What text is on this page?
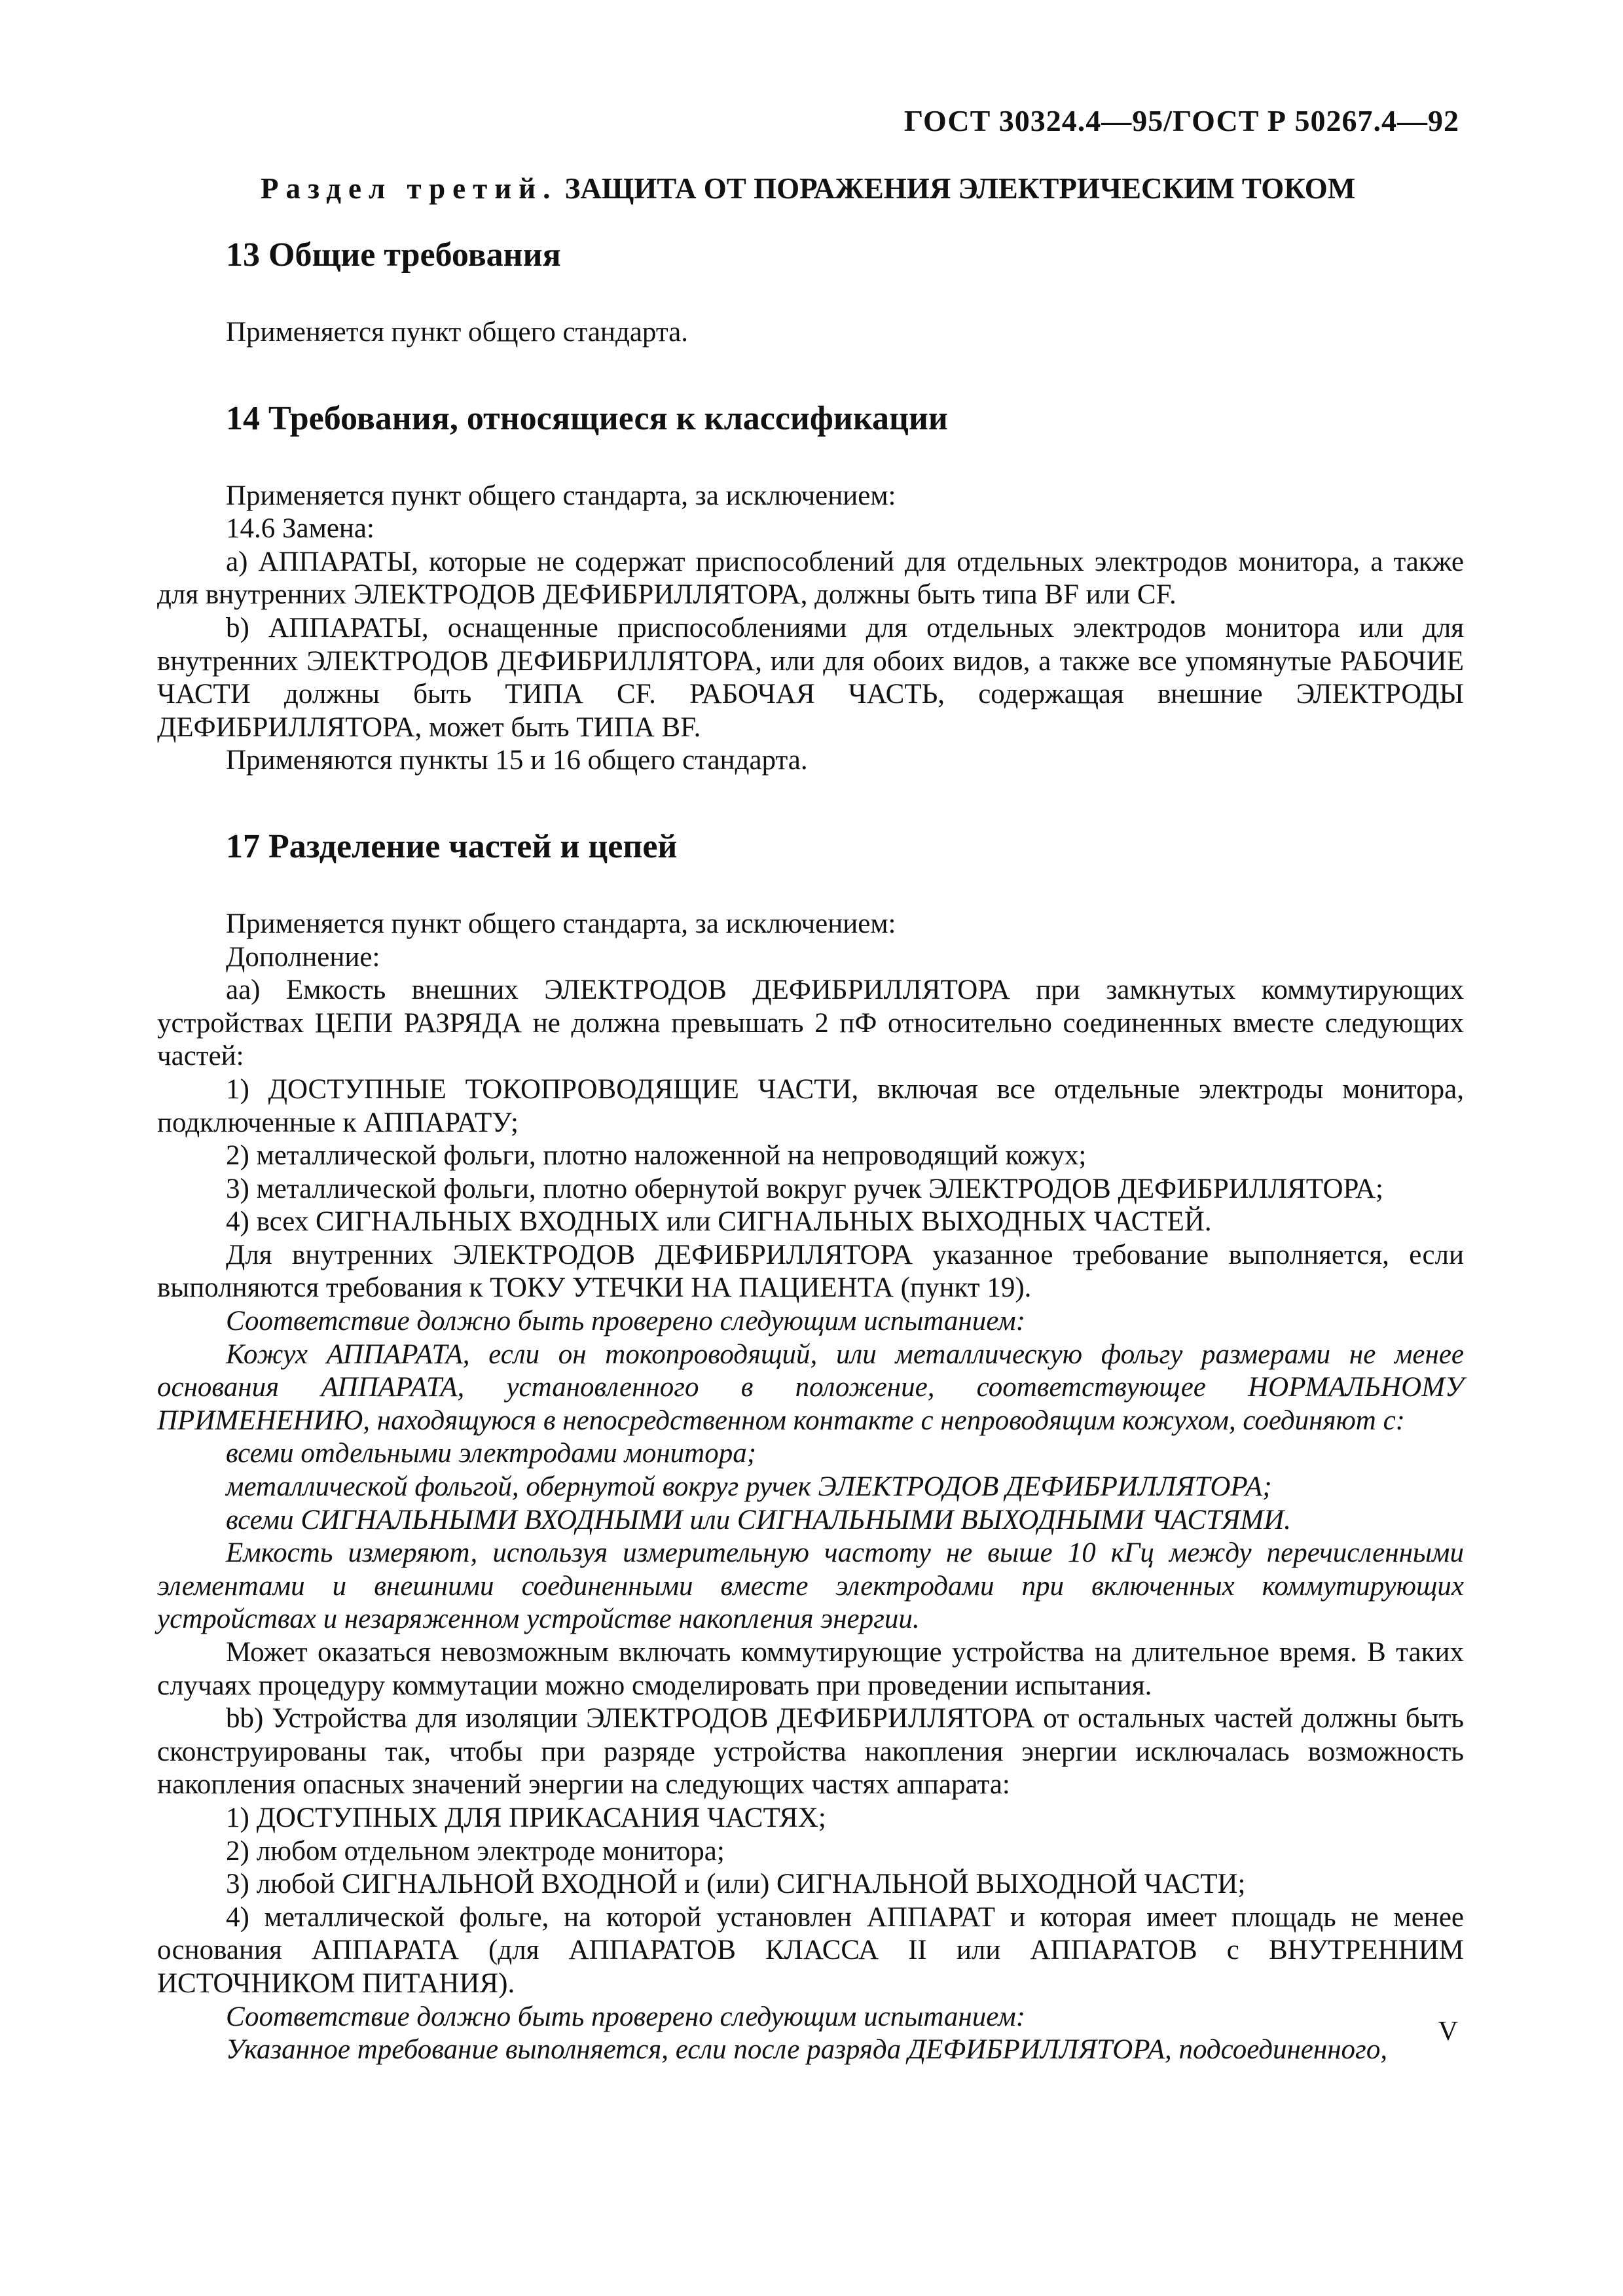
ГОСТ 30324.4—95/ГОСТ Р 50267.4—92
Раздел третий. ЗАЩИТА ОТ ПОРАЖЕНИЯ ЭЛЕКТРИЧЕСКИМ ТОКОМ
13 Общие требования

Применяется пункт общего стандарта.

14 Требования, относящиеся к классификации

Применяется пункт общего стандарта, за исключением:

14.6 Замена:

a) АППАРАТЫ, которые не содержат приспособлений для отдельных электродов монитора, а также для внутренних ЭЛЕКТРОДОВ ДЕФИБРИЛЛЯТОРА, должны быть типа BF или CF.

b) АППАРАТЫ, оснащенные приспособлениями для отдельных электродов монитора или для внутренних ЭЛЕКТРОДОВ ДЕФИБРИЛЛЯТОРА, или для обоих видов, а также все упомянутые РАБОЧИЕ ЧАСТИ должны быть ТИПА CF. РАБОЧАЯ ЧАСТЬ, содержащая внешние ЭЛЕКТРОДЫ ДЕФИБРИЛЛЯТОРА, может быть ТИПА BF.

Применяются пункты 15 и 16 общего стандарта.

17 Разделение частей и цепей

Применяется пункт общего стандарта, за исключением:

Дополнение:

aa) Емкость внешних ЭЛЕКТРОДОВ ДЕФИБРИЛЛЯТОРА при замкнутых коммутирующих устройствах ЦЕПИ РАЗРЯДА не должна превышать 2 пФ относительно соединенных вместе следующих частей:

1) ДОСТУПНЫЕ ТОКОПРОВОДЯЩИЕ ЧАСТИ, включая все отдельные электроды монитора, подключенные к АППАРАТУ;

2) металлической фольги, плотно наложенной на непроводящий кожух;

3) металлической фольги, плотно обернутой вокруг ручек ЭЛЕКТРОДОВ ДЕФИБРИЛЛЯТОРА;

4) всех СИГНАЛЬНЫХ ВХОДНЫХ или СИГНАЛЬНЫХ ВЫХОДНЫХ ЧАСТЕЙ.

Для внутренних ЭЛЕКТРОДОВ ДЕФИБРИЛЛЯТОРА указанное требование выполняется, если выполняются требования к ТОКУ УТЕЧКИ НА ПАЦИЕНТА (пункт 19).

Соответствие должно быть проверено следующим испытанием:

Кожух АППАРАТА, если он токопроводящий, или металлическую фольгу размерами не менее основания АППАРАТА, установленного в положение, соответствующее НОРМАЛЬНОМУ ПРИМЕНЕНИЮ, находящуюся в непосредственном контакте с непроводящим кожухом, соединяют с:

всеми отдельными электродами монитора;

металлической фольгой, обернутой вокруг ручек ЭЛЕКТРОДОВ ДЕФИБРИЛЛЯТОРА;

всеми СИГНАЛЬНЫМИ ВХОДНЫМИ или СИГНАЛЬНЫМИ ВЫХОДНЫМИ ЧАСТЯМИ.

Емкость измеряют, используя измерительную частоту не выше 10 кГц между перечисленными элементами и внешними соединенными вместе электродами при включенных коммутирующих устройствах и незаряженном устройстве накопления энергии.

Может оказаться невозможным включать коммутирующие устройства на длительное время. В таких случаях процедуру коммутации можно смоделировать при проведении испытания.

bb) Устройства для изоляции ЭЛЕКТРОДОВ ДЕФИБРИЛЛЯТОРА от остальных частей должны быть сконструированы так, чтобы при разряде устройства накопления энергии исключалась возможность накопления опасных значений энергии на следующих частях аппарата:

1) ДОСТУПНЫХ ДЛЯ ПРИКАСАНИЯ ЧАСТЯХ;

2) любом отдельном электроде монитора;

3) любой СИГНАЛЬНОЙ ВХОДНОЙ и (или) СИГНАЛЬНОЙ ВЫХОДНОЙ ЧАСТИ;

4) металлической фольге, на которой установлен АППАРАТ и которая имеет площадь не менее основания АППАРАТА (для АППАРАТОВ КЛАССА II или АППАРАТОВ с ВНУТРЕННИМ ИСТОЧНИКОМ ПИТАНИЯ).

Соответствие должно быть проверено следующим испытанием:

Указанное требование выполняется, если после разряда ДЕФИБРИЛЛЯТОРА, подсоединенного,

V
